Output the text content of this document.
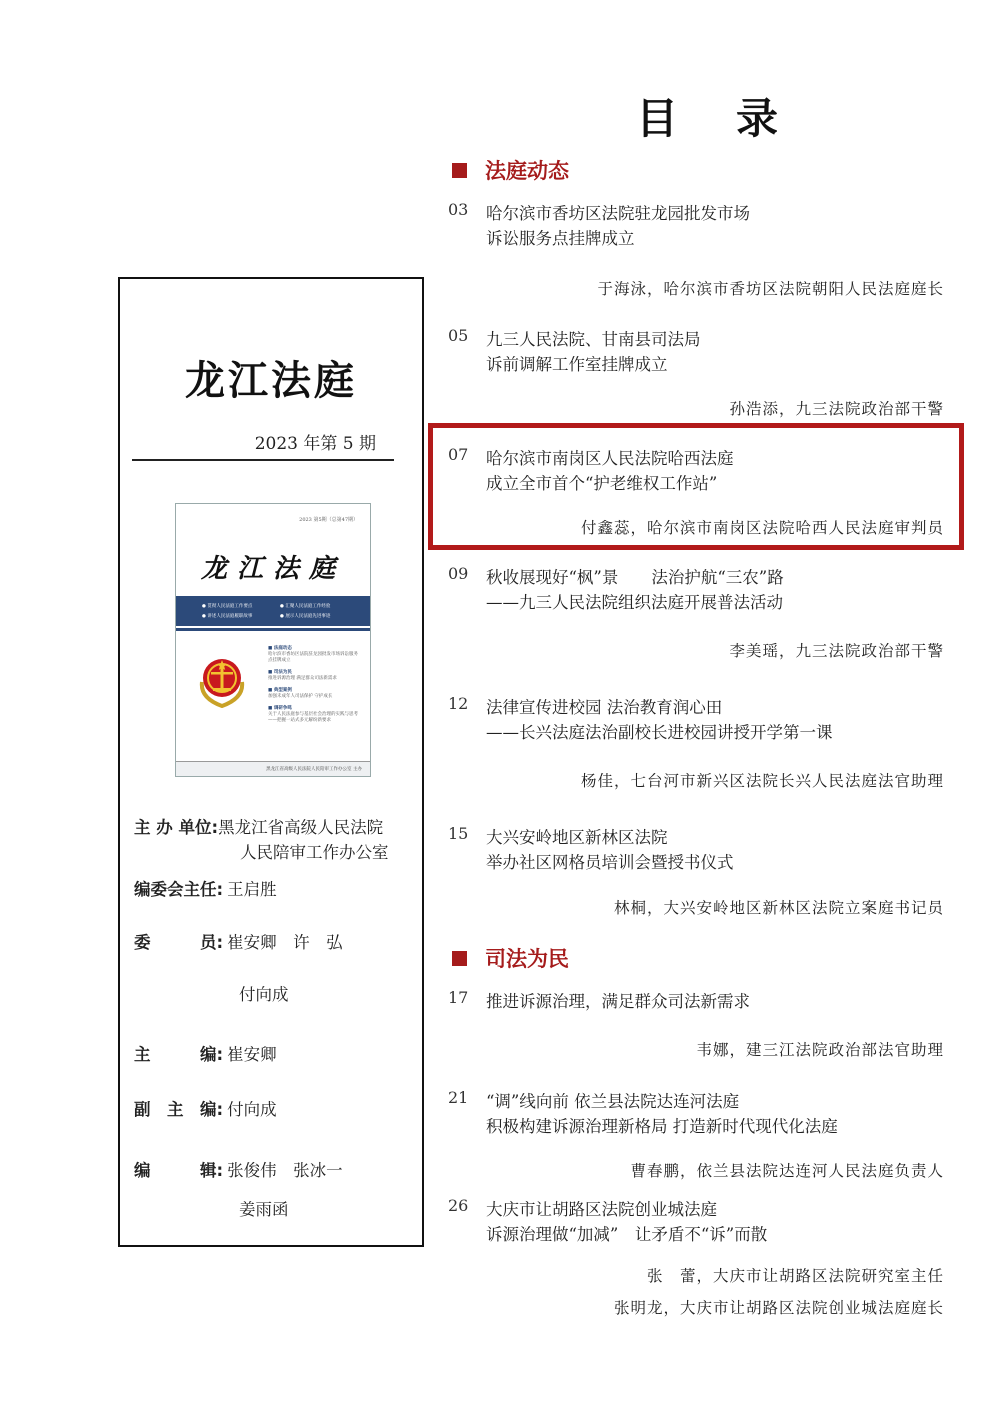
目录
法庭动态
司法为民
03 哈尔滨市香坊区法院驻龙园批发市场
诉讼服务点挂牌成立
于海泳，哈尔滨市香坊区法院朝阳人民法庭庭长
05 九三人民法院、甘南县司法局
诉前调解工作室挂牌成立
孙浩添，九三法院政治部干警
07 哈尔滨市南岗区人民法院哈西法庭
成立全市首个“护老维权工作站”
付鑫蕊，哈尔滨市南岗区法院哈西人民法庭审判员
09 秋收展现好“枫”景　　法治护航“三农”路
——九三人民法院组织法庭开展普法活动
李美瑶，九三法院政治部干警
12 法律宣传进校园 法治教育润心田
——长兴法庭法治副校长进校园讲授开学第一课
杨佳，七台河市新兴区法院长兴人民法庭法官助理
15 大兴安岭地区新林区法院
举办社区网格员培训会暨授书仪式
林桐，大兴安岭地区新林区法院立案庭书记员
17 推进诉源治理，满足群众司法新需求
韦娜，建三江法院政治部法官助理
21 “调”线向前 依兰县法院达连河法庭
积极构建诉源治理新格局 打造新时代现代化法庭
曹春鹏，依兰县法院达连河人民法庭负责人
26 大庆市让胡路区法院创业城法庭
诉源治理做“加减”　让矛盾不“诉”而散
张　蕾，大庆市让胡路区法院研究室主任
张明龙，大庆市让胡路区法院创业城法庭庭长
龙江法庭
2023 年第 5 期
2023 第5期（总第47期）
龙江法庭
● 贯彻人民法庭工作要点	● 汇聚人民法庭工作经验
● 讲述人民法庭履职故事	● 展示人民法庭先进事迹
■ 法庭动态
哈尔滨市香坊区法院驻龙园批发市场诉讼服务点挂牌成立
■ 司法为民
推进诉源治理 满足群众司法新需求
■ 典型案例
加强未成年人司法保护 守护成长
■ 调研争鸣
关于人民法庭参与基层社会治理的实践与思考 ——把握一站式多元解纷新要求
黑龙江省高级人民法院人民陪审工作办公室 主办
主 办 单位:黑龙江省高级人民法院
人民陪审工作办公室
编委会主任: 王启胜
委　　　员: 崔安卿　许　弘
付向成
主　　　编: 崔安卿
副　主　编: 付向成
编　　　辑: 张俊伟　张冰一
姜雨函
